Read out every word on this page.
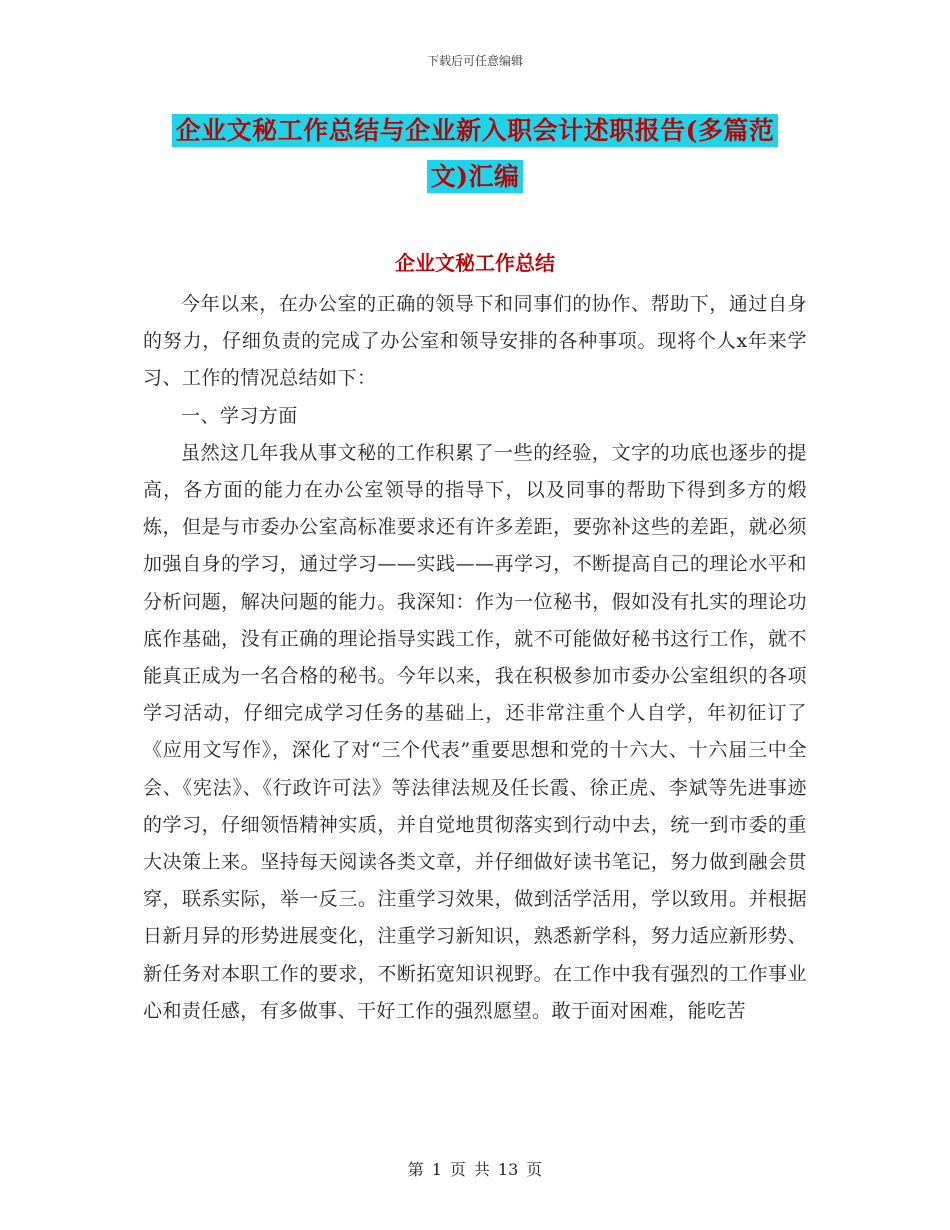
下载后可任意编辑
企业文秘工作总结与企业新入职会计述职报告(多篇范
文)汇编
企业文秘工作总结

今年以来，在办公室的正确的领导下和同事们的协作、帮助下，通过自身的努力，仔细负责的完成了办公室和领导安排的各种事项。现将个人x年来学习、工作的情况总结如下：

一、学习方面

虽然这几年我从事文秘的工作积累了一些的经验，文字的功底也逐步的提高，各方面的能力在办公室领导的指导下，以及同事的帮助下得到多方的煅炼，但是与市委办公室高标准要求还有许多差距，要弥补这些的差距，就必须加强自身的学习，通过学习——实践——再学习，不断提高自己的理论水平和分析问题，解决问题的能力。我深知：作为一位秘书，假如没有扎实的理论功底作基础，没有正确的理论指导实践工作，就不可能做好秘书这行工作，就不能真正成为一名合格的秘书。今年以来，我在积极参加市委办公室组织的各项学习活动，仔细完成学习任务的基础上，还非常注重个人自学，年初征订了《应用文写作》，深化了对“三个代表”重要思想和党的十六大、十六届三中全会、《宪法》、《行政许可法》等法律法规及任长霞、徐正虎、李斌等先进事迹的学习，仔细领悟精神实质，并自觉地贯彻落实到行动中去，统一到市委的重大决策上来。坚持每天阅读各类文章，并仔细做好读书笔记，努力做到融会贯穿，联系实际，举一反三。注重学习效果，做到活学活用，学以致用。并根据日新月异的形势进展变化，注重学习新知识，熟悉新学科，努力适应新形势、新任务对本职工作的要求，不断拓宽知识视野。在工作中我有强烈的工作事业心和责任感，有多做事、干好工作的强烈愿望。敢于面对困难，能吃苦

第 1 页 共 13 页
